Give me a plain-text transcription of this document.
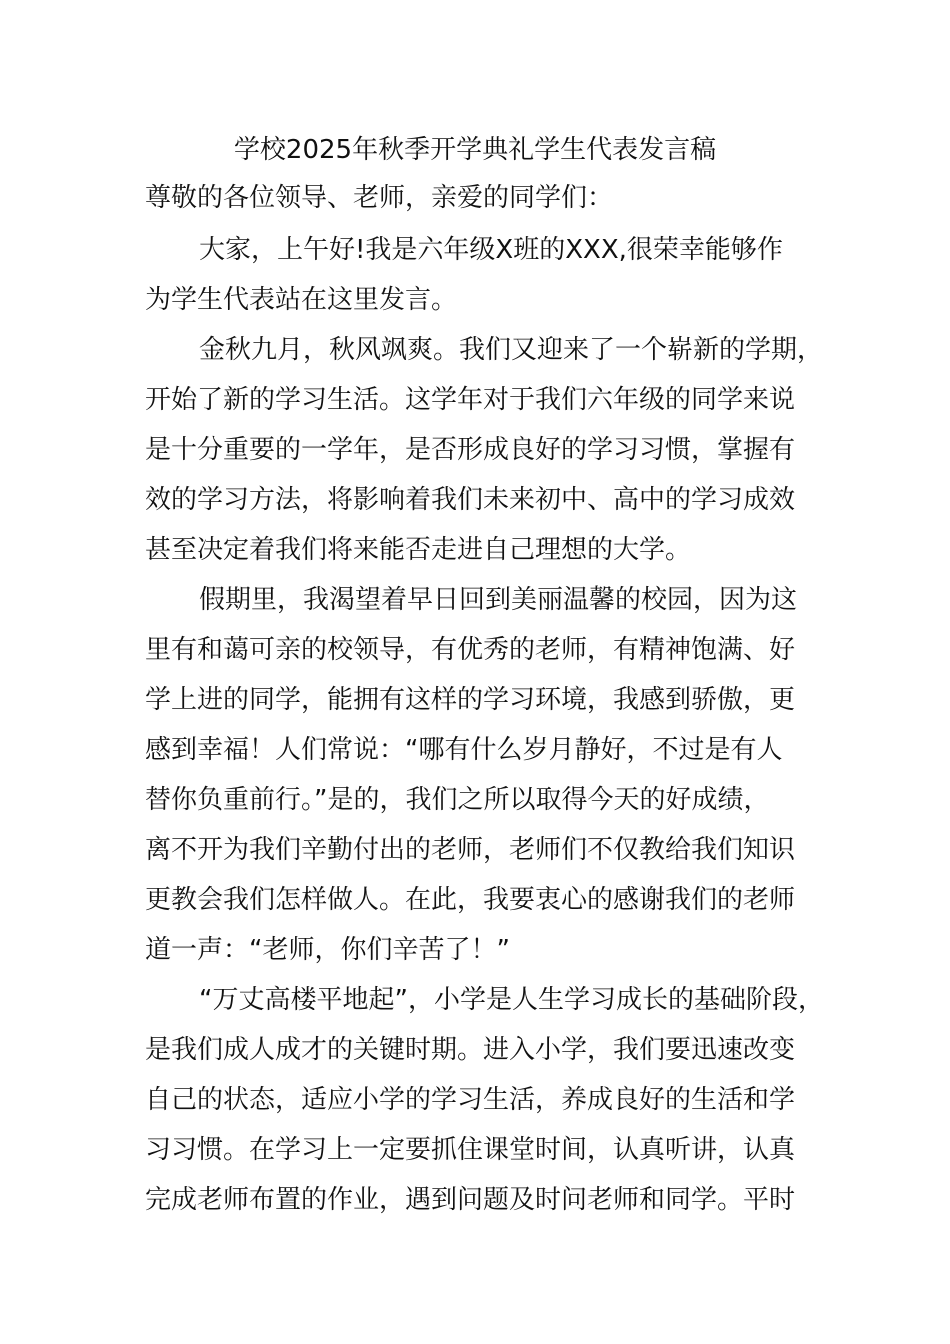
学校2025年秋季开学典礼学生代表发言稿
尊敬的各位领导、老师，亲爱的同学们：
大家，上午好!我是六年级X班的XXX,很荣幸能够作
为学生代表站在这里发言。
金秋九月，秋风飒爽。我们又迎来了一个崭新的学期，
开始了新的学习生活。这学年对于我们六年级的同学来说
是十分重要的一学年，是否形成良好的学习习惯，掌握有
效的学习方法，将影响着我们未来初中、高中的学习成效
甚至决定着我们将来能否走进自己理想的大学。
假期里，我渴望着早日回到美丽温馨的校园，因为这
里有和蔼可亲的校领导，有优秀的老师，有精神饱满、好
学上进的同学，能拥有这样的学习环境，我感到骄傲，更
感到幸福！人们常说：“哪有什么岁月静好，不过是有人
替你负重前行。”是的，我们之所以取得今天的好成绩，
离不开为我们辛勤付出的老师，老师们不仅教给我们知识
更教会我们怎样做人。在此，我要衷心的感谢我们的老师
道一声：“老师，你们辛苦了！”
“万丈高楼平地起”，小学是人生学习成长的基础阶段，
是我们成人成才的关键时期。进入小学，我们要迅速改变
自己的状态，适应小学的学习生活，养成良好的生活和学
习习惯。在学习上一定要抓住课堂时间，认真听讲，认真
完成老师布置的作业，遇到问题及时问老师和同学。平时
